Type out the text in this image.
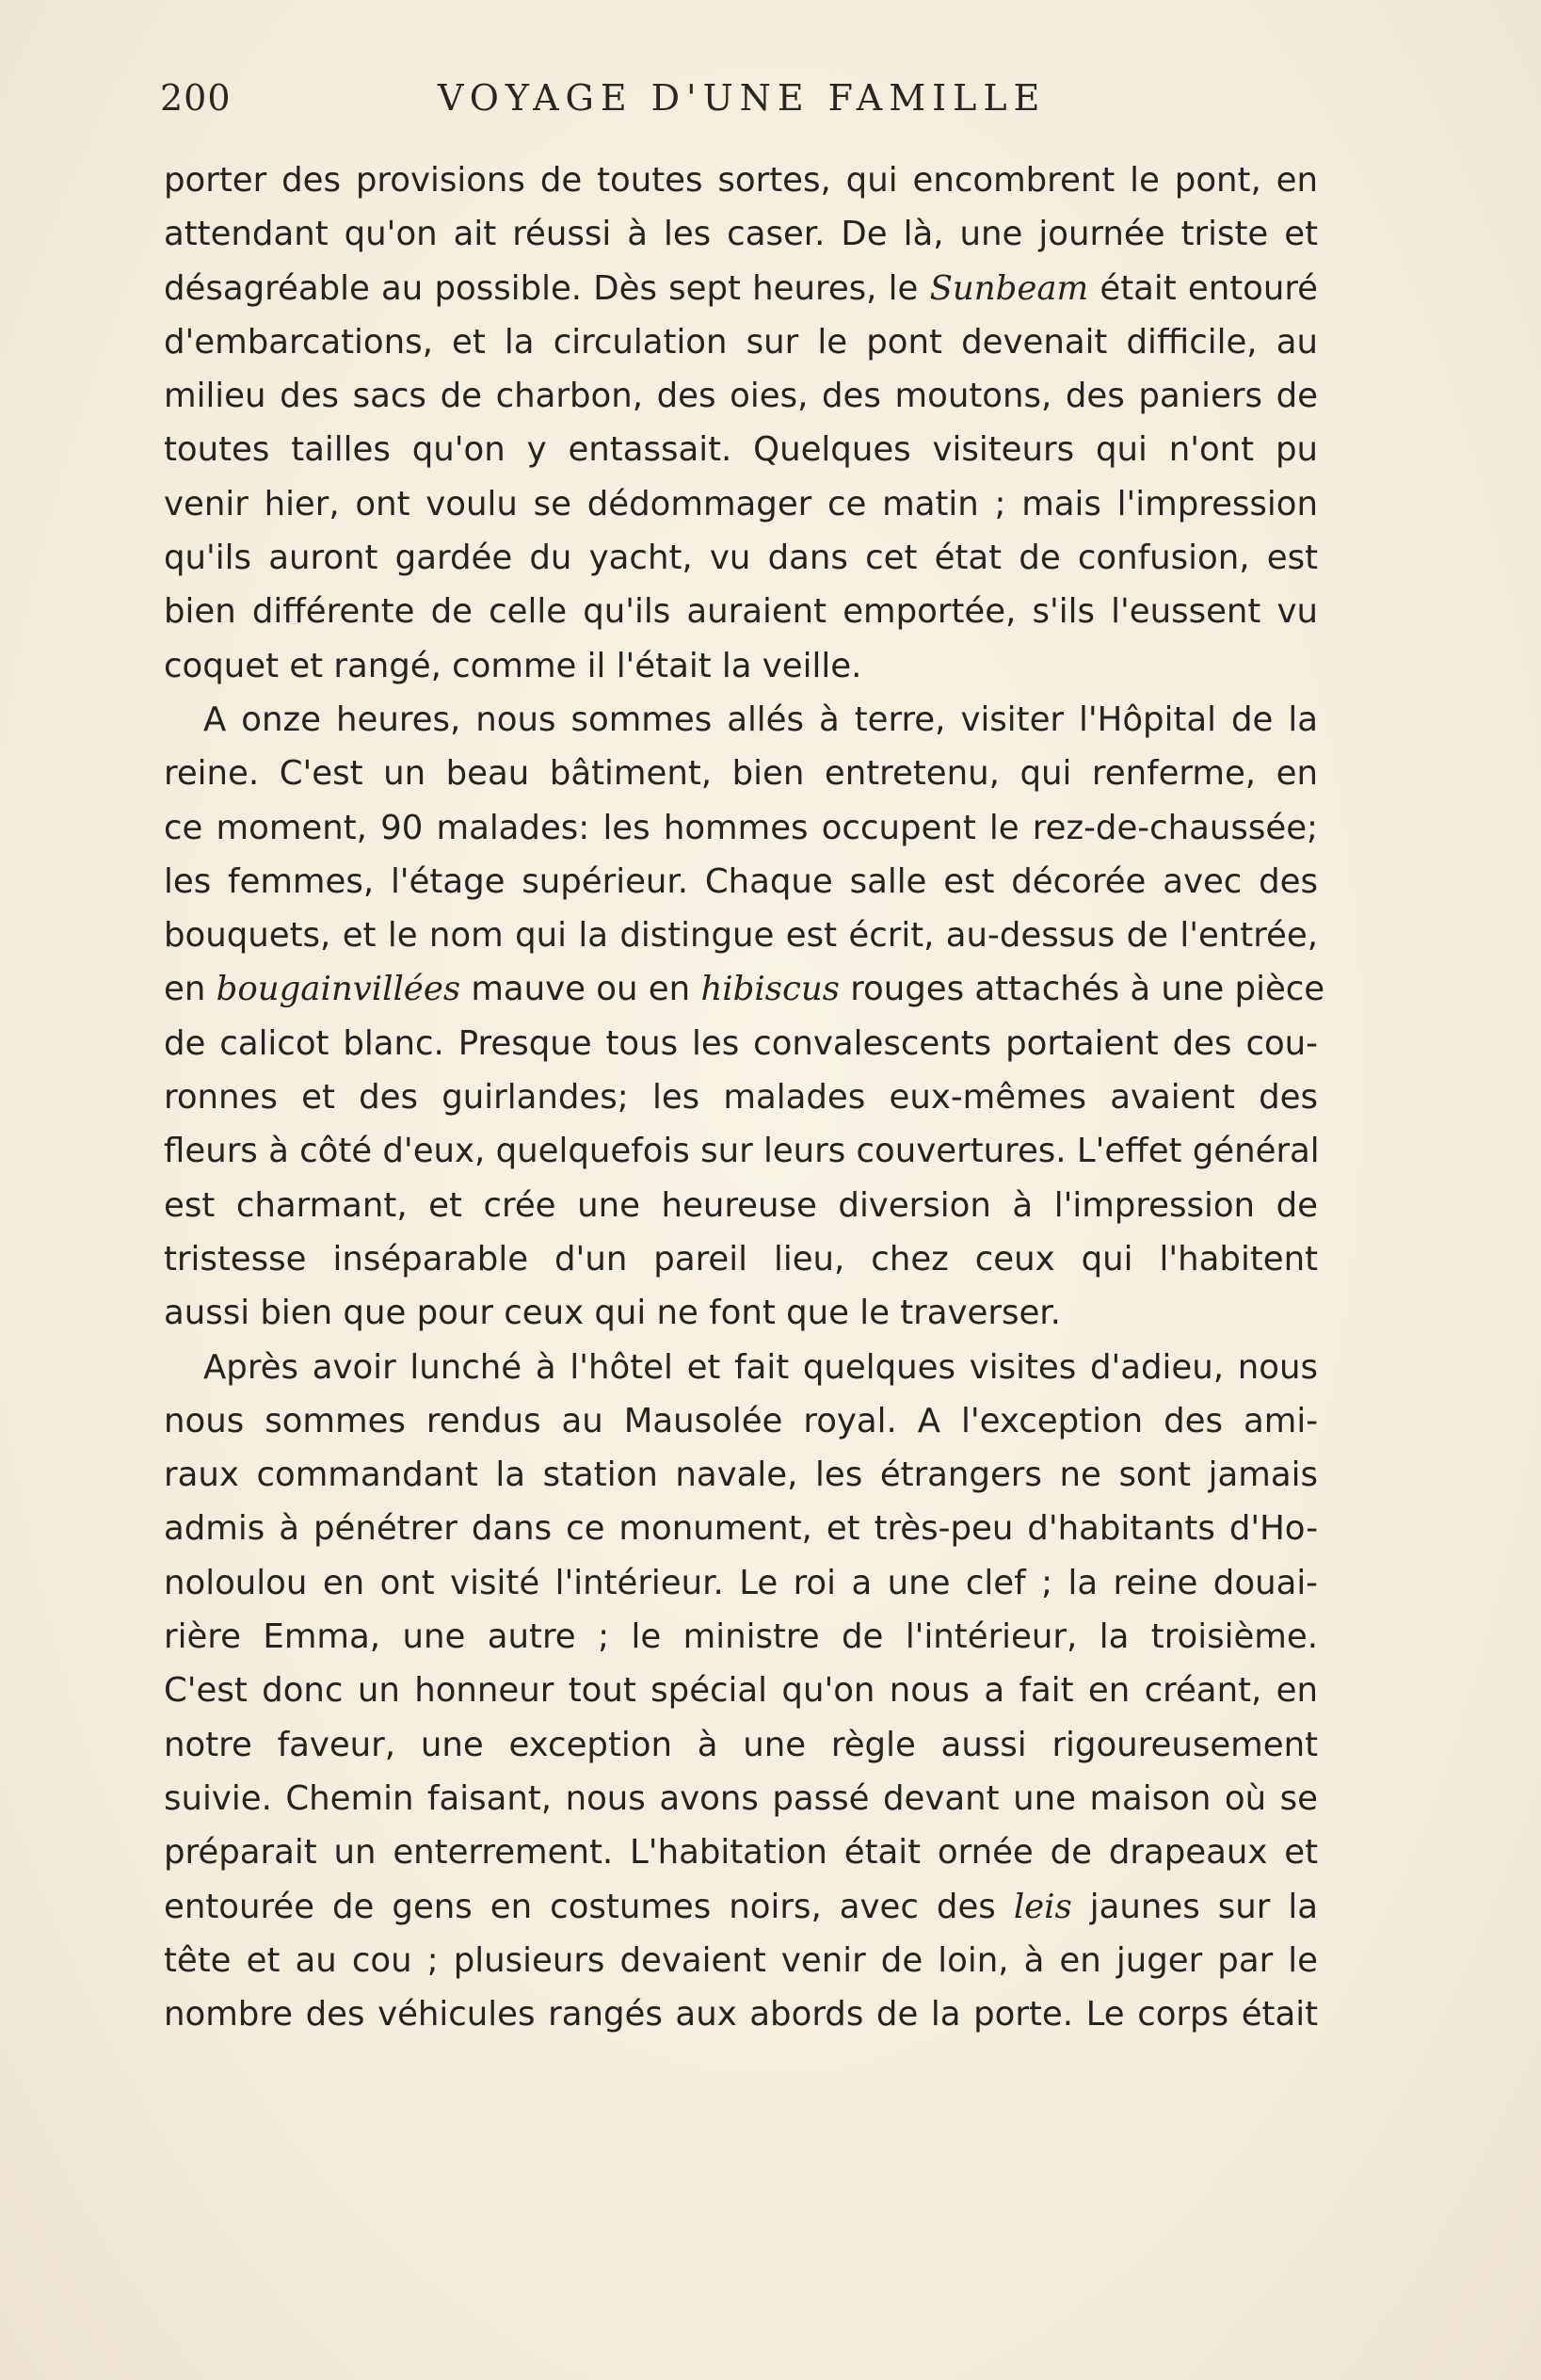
200	VOYAGE D'UNE FAMILLE
porter des provisions de toutes sortes, qui encombrent le pont, en
attendant qu'on ait réussi à les caser. De là, une journée triste et
désagréable au possible. Dès sept heures, le Sunbeam était entouré
d'embarcations, et la circulation sur le pont devenait difficile, au
milieu des sacs de charbon, des oies, des moutons, des paniers de
toutes tailles qu'on y entassait. Quelques visiteurs qui n'ont pu
venir hier, ont voulu se dédommager ce matin ; mais l'impression
qu'ils auront gardée du yacht, vu dans cet état de confusion, est
bien différente de celle qu'ils auraient emportée, s'ils l'eussent vu
coquet et rangé, comme il l'était la veille.
A onze heures, nous sommes allés à terre, visiter l'Hôpital de la
reine. C'est un beau bâtiment, bien entretenu, qui renferme, en
ce moment, 90 malades: les hommes occupent le rez-de-chaussée;
les femmes, l'étage supérieur. Chaque salle est décorée avec des
bouquets, et le nom qui la distingue est écrit, au-dessus de l'entrée,
en bougainvillées mauve ou en hibiscus rouges attachés à une pièce
de calicot blanc. Presque tous les convalescents portaient des cou-
ronnes et des guirlandes; les malades eux-mêmes avaient des
fleurs à côté d'eux, quelquefois sur leurs couvertures. L'effet général
est charmant, et crée une heureuse diversion à l'impression de
tristesse inséparable d'un pareil lieu, chez ceux qui l'habitent
aussi bien que pour ceux qui ne font que le traverser.
Après avoir lunché à l'hôtel et fait quelques visites d'adieu, nous
nous sommes rendus au Mausolée royal. A l'exception des ami-
raux commandant la station navale, les étrangers ne sont jamais
admis à pénétrer dans ce monument, et très-peu d'habitants d'Ho-
noloulou en ont visité l'intérieur. Le roi a une clef ; la reine douai-
rière Emma, une autre ; le ministre de l'intérieur, la troisième.
C'est donc un honneur tout spécial qu'on nous a fait en créant, en
notre faveur, une exception à une règle aussi rigoureusement
suivie. Chemin faisant, nous avons passé devant une maison où se
préparait un enterrement. L'habitation était ornée de drapeaux et
entourée de gens en costumes noirs, avec des leis jaunes sur la
tête et au cou ; plusieurs devaient venir de loin, à en juger par le
nombre des véhicules rangés aux abords de la porte. Le corps était
